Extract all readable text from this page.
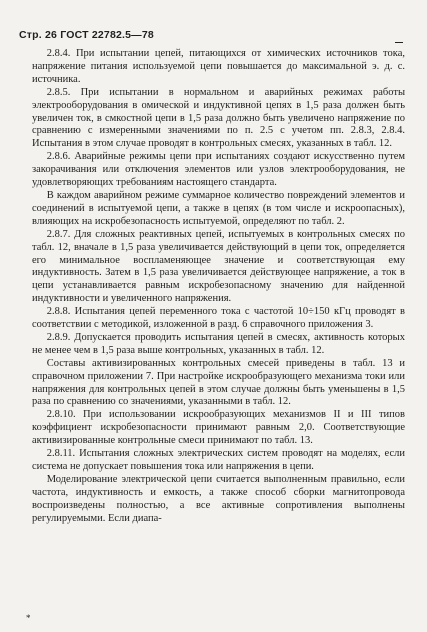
Стр. 26 ГОСТ 22782.5—78

2.8.4. При испытании цепей, питающихся от химических источников тока, напряжение питания используемой цепи повышается до максимальной э. д. с. источника.

2.8.5. При испытании в нормальном и аварийных режимах работы электрооборудования в омической и индуктивной цепях в 1,5 раза должен быть увеличен ток, в смкостной цепи в 1,5 раза должно быть увеличено напряжение по сравнению с измеренными значениями по п. 2.5 с учетом пп. 2.8.3, 2.8.4. Испытания в этом случае проводят в контрольных смесях, указанных в табл. 12.

2.8.6. Аварийные режимы цепи при испытаниях создают искусственно путем закорачивания или отключения элементов или узлов электрооборудования, не удовлетворяющих требованиям настоящего стандарта.

В каждом аварийном режиме суммарное количество повреждений элементов и соединений в испытуемой цепи, а также в цепях (в том числе и искроопасных), влияющих на искробезопасность испытуемой, определяют по табл. 2.

2.8.7. Для сложных реактивных цепей, испытуемых в контрольных смесях по табл. 12, вначале в 1,5 раза увеличивается действующий в цепи ток, определяется его минимальное воспламеняющее значение и соответствующая ему индуктивность. Затем в 1,5 раза увеличивается действующее напряжение, а ток в цепи устанавливается равным искробезопасному значению для найденной индуктивности и увеличенного напряжения.

2.8.8. Испытания цепей переменного тока с частотой 10÷150 кГц проводят в соответствии с методикой, изложенной в разд. 6 справочного приложения 3.

2.8.9. Допускается проводить испытания цепей в смесях, активность которых не менее чем в 1,5 раза выше контрольных, указанных в табл. 12.

Составы активизированных контрольных смесей приведены в табл. 13 и справочном приложении 7. При настройке искрообразующего механизма токи или напряжения для контрольных цепей в этом случае должны быть уменьшены в 1,5 раза по сравнению со значениями, указанными в табл. 12.

2.8.10. При использовании искрообразующих механизмов II и III типов коэффициент искробезопасности принимают равным 2,0. Соответствующие активизированные контрольные смеси принимают по табл. 13.

2.8.11. Испытания сложных электрических систем проводят на моделях, если система не допускает повышения тока или напряжения в цепи.

Моделирование электрической цепи считается выполненным правильно, если частота, индуктивность и емкость, а также способ сборки магнитопровода воспроизведены полностью, а все активные сопротивления выполнены регулируемыми. Если диапа-

*
